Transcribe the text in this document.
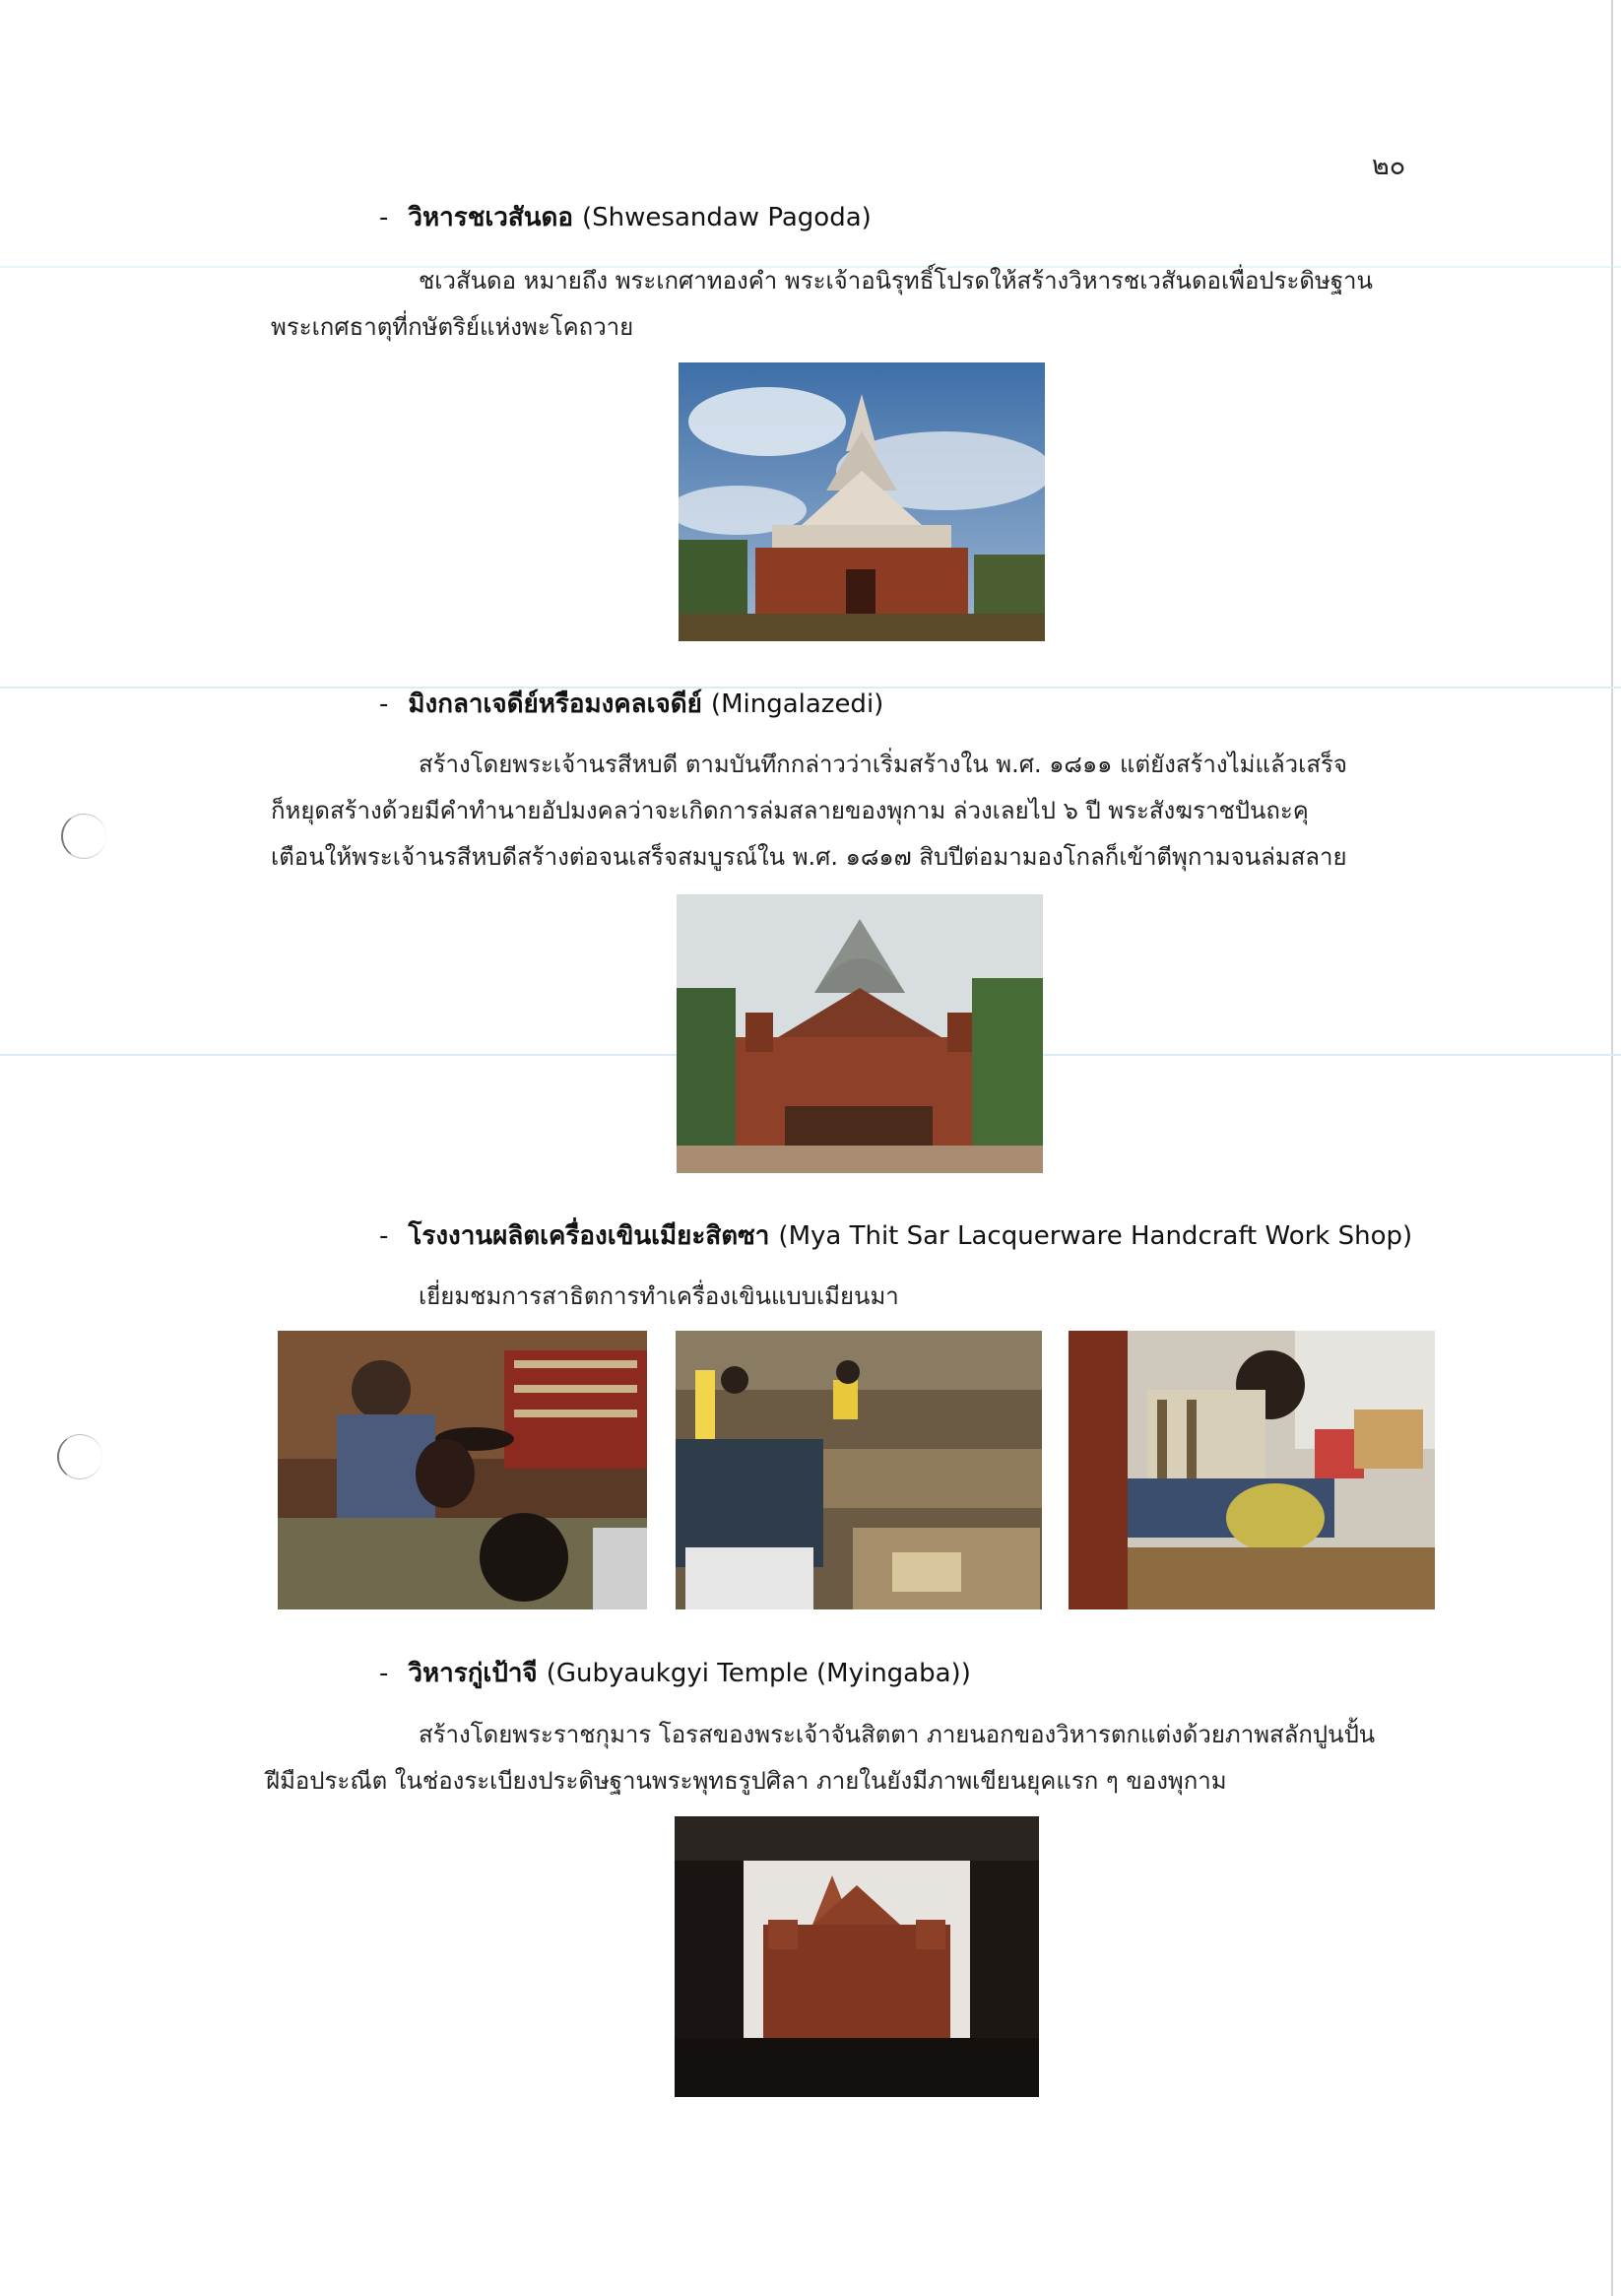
๒๐
- วิหารชเวสันดอ (Shwesandaw Pagoda)
ชเวสันดอ หมายถึง พระเกศาทองคำ พระเจ้าอนิรุทธิ์โปรดให้สร้างวิหารชเวสันดอเพื่อประดิษฐาน
พระเกศธาตุที่กษัตริย์แห่งพะโคถวาย
- มิงกลาเจดีย์หรือมงคลเจดีย์ (Mingalazedi)
สร้างโดยพระเจ้านรสีหบดี ตามบันทึกกล่าวว่าเริ่มสร้างใน พ.ศ. ๑๘๑๑ แต่ยังสร้างไม่แล้วเสร็จ
ก็หยุดสร้างด้วยมีคำทำนายอัปมงคลว่าจะเกิดการล่มสลายของพุกาม ล่วงเลยไป ๖ ปี พระสังฆราชปันถะคุ
เตือนให้พระเจ้านรสีหบดีสร้างต่อจนเสร็จสมบูรณ์ใน พ.ศ. ๑๘๑๗ สิบปีต่อมามองโกลก็เข้าตีพุกามจนล่มสลาย
- โรงงานผลิตเครื่องเขินเมียะสิตซา (Mya Thit Sar Lacquerware Handcraft Work Shop)
เยี่ยมชมการสาธิตการทำเครื่องเขินแบบเมียนมา
- วิหารกู่เป้าจี (Gubyaukgyi Temple (Myingaba))
สร้างโดยพระราชกุมาร โอรสของพระเจ้าจันสิตตา ภายนอกของวิหารตกแต่งด้วยภาพสลักปูนปั้น
ฝีมือประณีต ในช่องระเบียงประดิษฐานพระพุทธรูปศิลา ภายในยังมีภาพเขียนยุคแรก ๆ ของพุกาม
